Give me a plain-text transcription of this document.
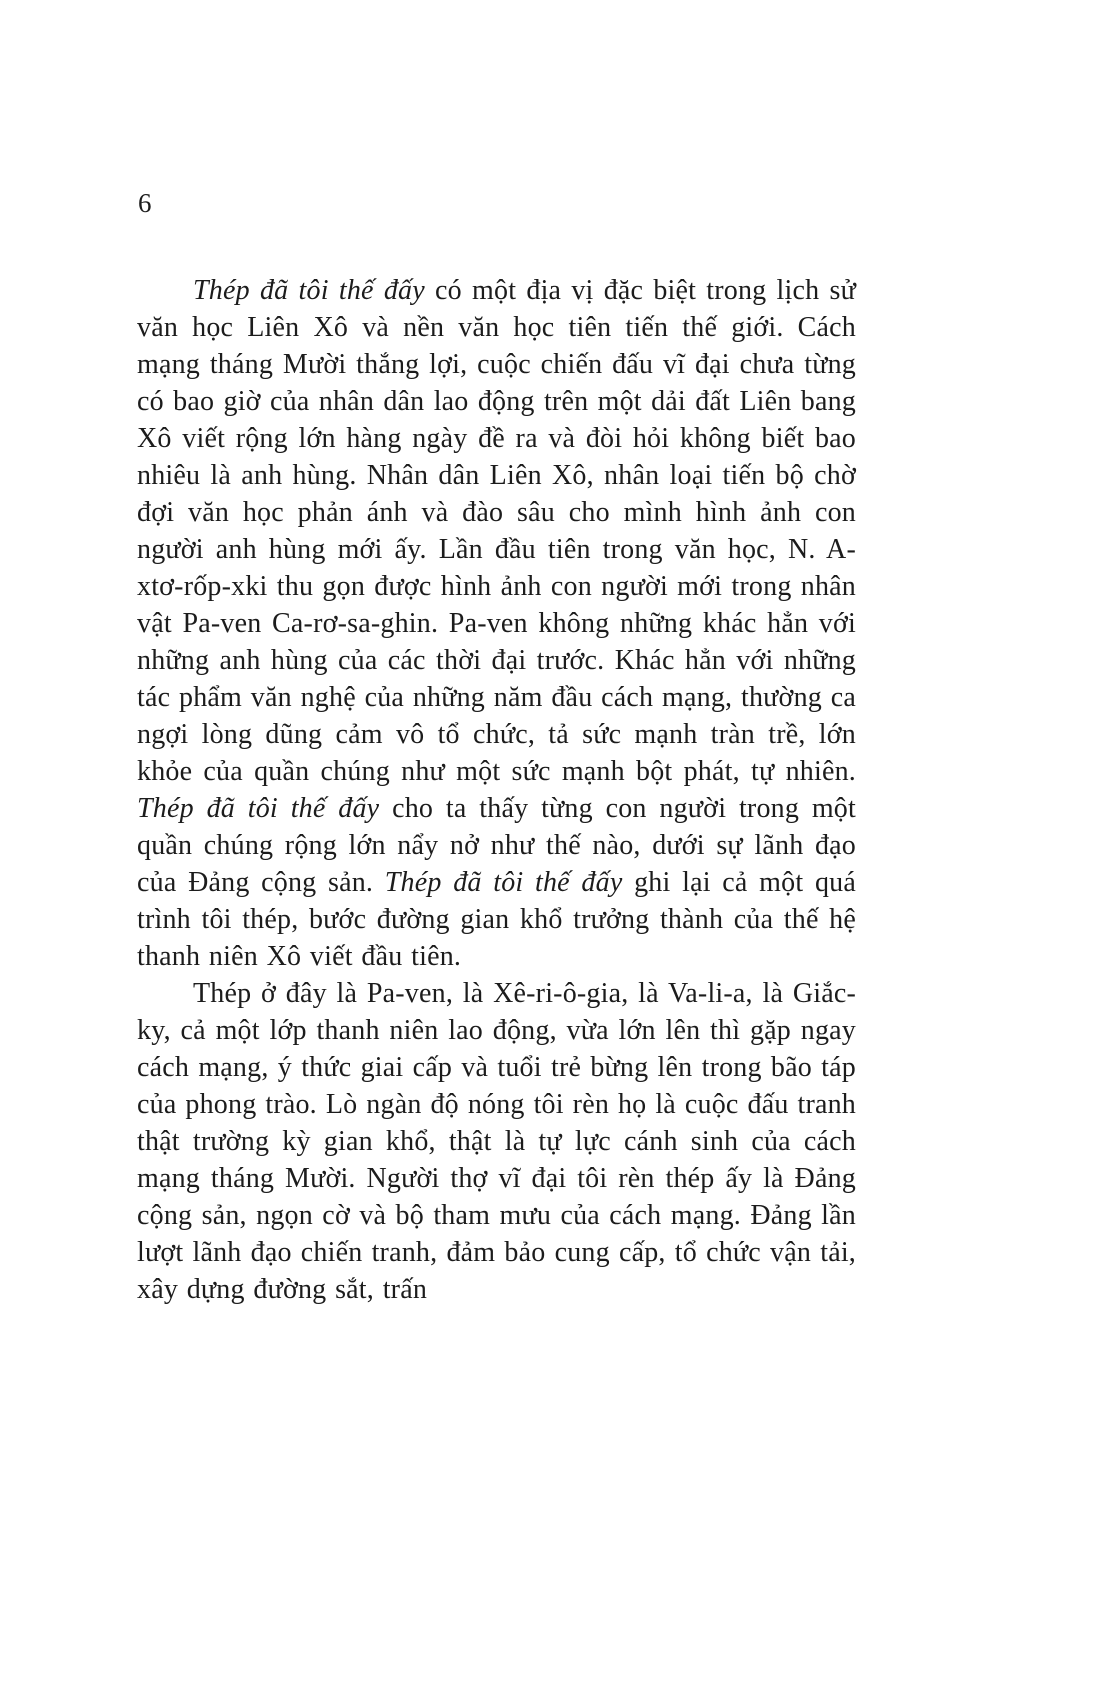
6

Thép đã tôi thế đấy có một địa vị đặc biệt trong lịch sử văn học Liên Xô và nền văn học tiên tiến thế giới. Cách mạng tháng Mười thắng lợi, cuộc chiến đấu vĩ đại chưa từng có bao giờ của nhân dân lao động trên một dải đất Liên bang Xô viết rộng lớn hàng ngày đề ra và đòi hỏi không biết bao nhiêu là anh hùng. Nhân dân Liên Xô, nhân loại tiến bộ chờ đợi văn học phản ánh và đào sâu cho mình hình ảnh con người anh hùng mới ấy. Lần đầu tiên trong văn học, N. A-xtơ-rốp-xki thu gọn được hình ảnh con người mới trong nhân vật Pa-ven Ca-rơ-sa-ghin. Pa-ven không những khác hẳn với những anh hùng của các thời đại trước. Khác hẳn với những tác phẩm văn nghệ của những năm đầu cách mạng, thường ca ngợi lòng dũng cảm vô tổ chức, tả sức mạnh tràn trề, lớn khỏe của quần chúng như một sức mạnh bột phát, tự nhiên. Thép đã tôi thế đấy cho ta thấy từng con người trong một quần chúng rộng lớn nẩy nở như thế nào, dưới sự lãnh đạo của Đảng cộng sản. Thép đã tôi thế đấy ghi lại cả một quá trình tôi thép, bước đường gian khổ trưởng thành của thế hệ thanh niên Xô viết đầu tiên.

Thép ở đây là Pa-ven, là Xê-ri-ô-gia, là Va-li-a, là Giắc-ky, cả một lớp thanh niên lao động, vừa lớn lên thì gặp ngay cách mạng, ý thức giai cấp và tuổi trẻ bừng lên trong bão táp của phong trào. Lò ngàn độ nóng tôi rèn họ là cuộc đấu tranh thật trường kỳ gian khổ, thật là tự lực cánh sinh của cách mạng tháng Mười. Người thợ vĩ đại tôi rèn thép ấy là Đảng cộng sản, ngọn cờ và bộ tham mưu của cách mạng. Đảng lần lượt lãnh đạo chiến tranh, đảm bảo cung cấp, tổ chức vận tải, xây dựng đường sắt, trấn
